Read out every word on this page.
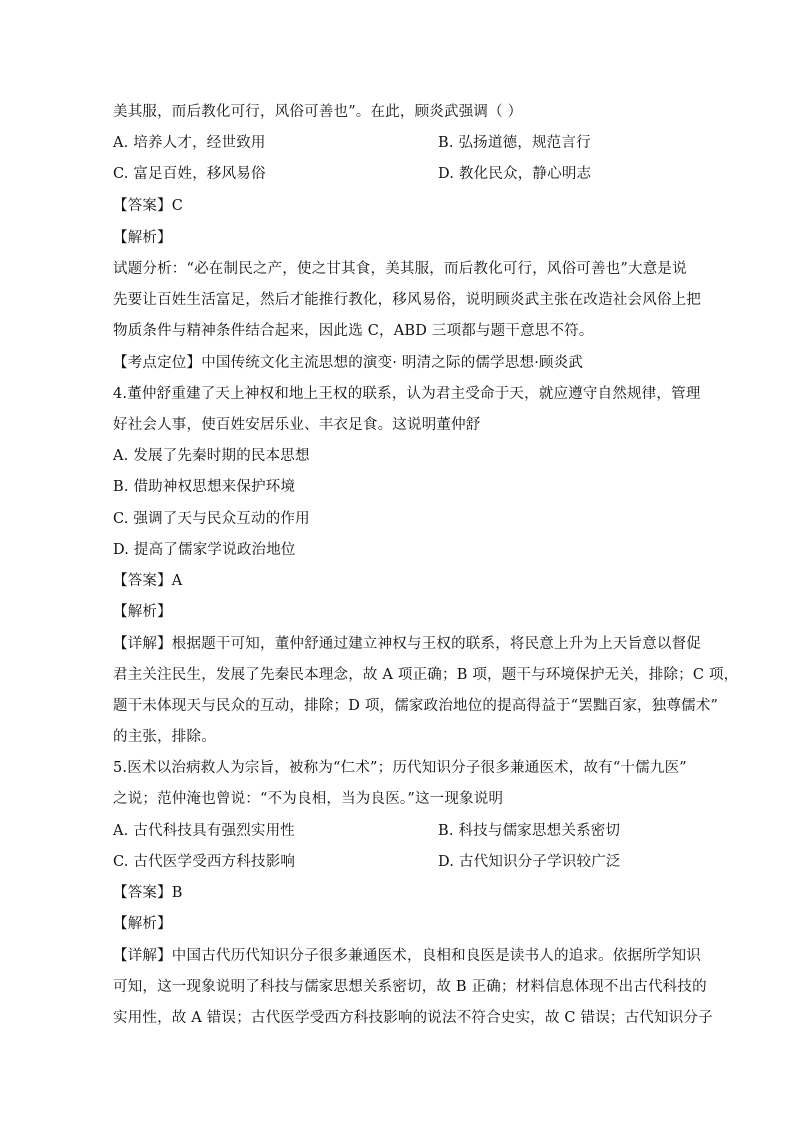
美其服，而后教化可行，风俗可善也”。在此，顾炎武强调（ ）
A. 培养人才，经世致用	B. 弘扬道德，规范言行
C. 富足百姓，移风易俗	D. 教化民众，静心明志
【答案】C
【解析】
试题分析：“必在制民之产，使之甘其食，美其服，而后教化可行，风俗可善也”大意是说
先要让百姓生活富足，然后才能推行教化，移风易俗，说明顾炎武主张在改造社会风俗上把
物质条件与精神条件结合起来，因此选 C，ABD 三项都与题干意思不符。
【考点定位】中国传统文化主流思想的演变· 明清之际的儒学思想·顾炎武
4.董仲舒重建了天上神权和地上王权的联系，认为君主受命于天，就应遵守自然规律，管理
好社会人事，使百姓安居乐业、丰衣足食。这说明董仲舒
A. 发展了先秦时期的民本思想
B. 借助神权思想来保护环境
C. 强调了天与民众互动的作用
D. 提高了儒家学说政治地位
【答案】A
【解析】
【详解】根据题干可知，董仲舒通过建立神权与王权的联系，将民意上升为上天旨意以督促
君主关注民生，发展了先秦民本理念，故 A 项正确；B 项，题干与环境保护无关，排除；C 项，
题干未体现天与民众的互动，排除；D 项，儒家政治地位的提高得益于“罢黜百家，独尊儒术”
的主张，排除。
5.医术以治病救人为宗旨，被称为“仁术”；历代知识分子很多兼通医术，故有“十儒九医”
之说；范仲淹也曾说：“不为良相，当为良医。”这一现象说明
A. 古代科技具有强烈实用性	B. 科技与儒家思想关系密切
C. 古代医学受西方科技影响	D. 古代知识分子学识较广泛
【答案】B
【解析】
【详解】中国古代历代知识分子很多兼通医术，良相和良医是读书人的追求。依据所学知识
可知，这一现象说明了科技与儒家思想关系密切，故 B 正确；材料信息体现不出古代科技的
实用性，故 A 错误；古代医学受西方科技影响的说法不符合史实，故 C 错误；古代知识分子
